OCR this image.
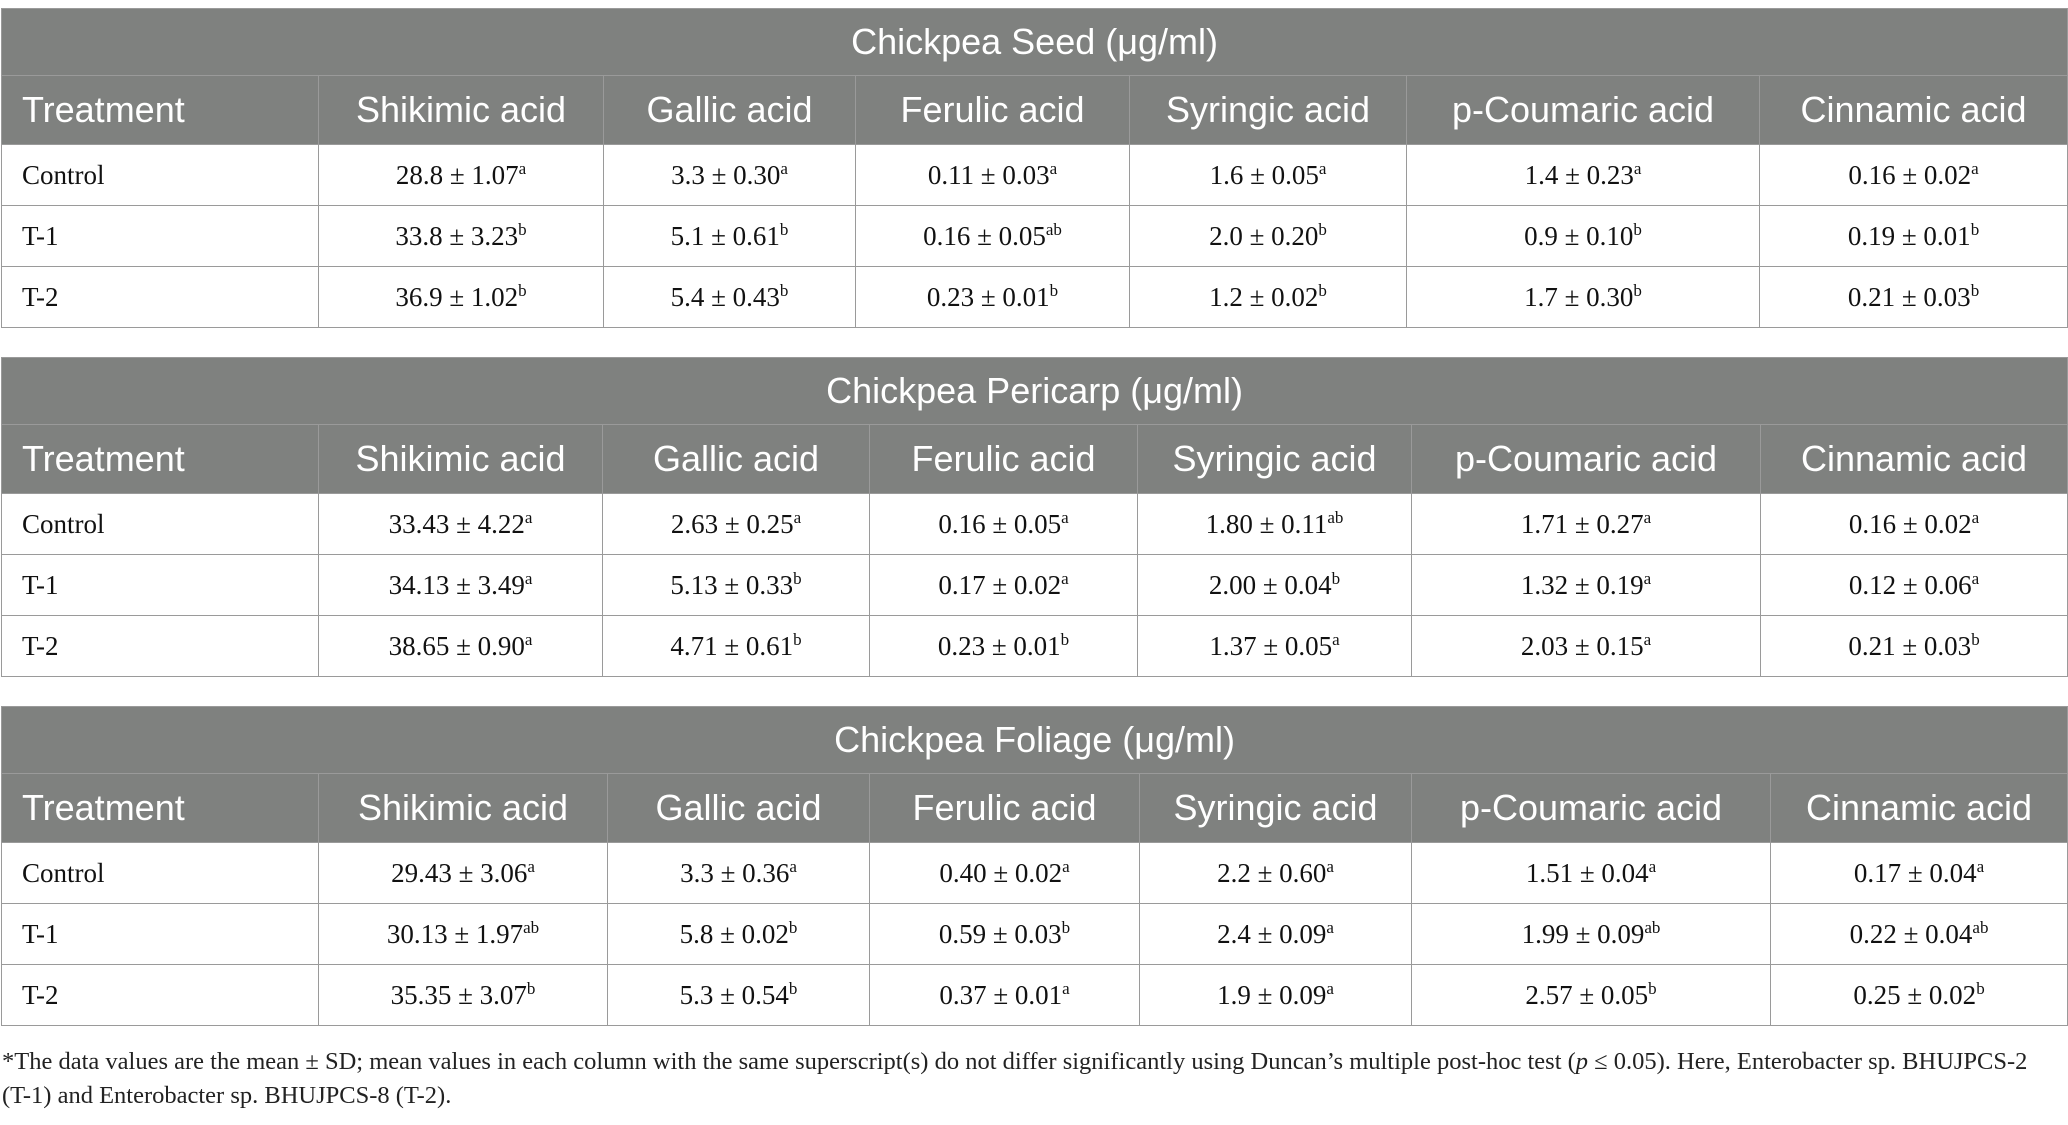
Chickpea Seed (μg/ml)						
Treatment	Shikimic acid	Gallic acid	Ferulic acid	Syringic acid	p-Coumaric acid	Cinnamic acid
Control	28.8 ± 1.07$^a$	3.3 ± 0.30$^a$	0.11 ± 0.03$^a$	1.6 ± 0.05$^a$	1.4 ± 0.23$^a$	0.16 ± 0.02$^a$
T-1	33.8 ± 3.23$^b$	5.1 ± 0.61$^b$	0.16 ± 0.05$^{ab}$	2.0 ± 0.20$^b$	0.9 ± 0.10$^b$	0.19 ± 0.01$^b$
T-2	36.9 ± 1.02$^b$	5.4 ± 0.43$^b$	0.23 ± 0.01$^b$	1.2 ± 0.02$^b$	1.7 ± 0.30$^b$	0.21 ± 0.03$^b$
Chickpea Pericarp (μg/ml)						
Treatment	Shikimic acid	Gallic acid	Ferulic acid	Syringic acid	p-Coumaric acid	Cinnamic acid
Control	33.43 ± 4.22$^a$	2.63 ± 0.25$^a$	0.16 ± 0.05$^a$	1.80 ± 0.11$^{ab}$	1.71 ± 0.27$^a$	0.16 ± 0.02$^a$
T-1	34.13 ± 3.49$^a$	5.13 ± 0.33$^b$	0.17 ± 0.02$^a$	2.00 ± 0.04$^b$	1.32 ± 0.19$^a$	0.12 ± 0.06$^a$
T-2	38.65 ± 0.90$^a$	4.71 ± 0.61$^b$	0.23 ± 0.01$^b$	1.37 ± 0.05$^a$	2.03 ± 0.15$^a$	0.21 ± 0.03$^b$
Chickpea Foliage (μg/ml)						
Treatment	Shikimic acid	Gallic acid	Ferulic acid	Syringic acid	p-Coumaric acid	Cinnamic acid
Control	29.43 ± 3.06$^a$	3.3 ± 0.36$^a$	0.40 ± 0.02$^a$	2.2 ± 0.60$^a$	1.51 ± 0.04$^a$	0.17 ± 0.04$^a$
T-1	30.13 ± 1.97$^{ab}$	5.8 ± 0.02$^b$	0.59 ± 0.03$^b$	2.4 ± 0.09$^a$	1.99 ± 0.09$^{ab}$	0.22 ± 0.04$^{ab}$
T-2	35.35 ± 3.07$^b$	5.3 ± 0.54$^b$	0.37 ± 0.01$^a$	1.9 ± 0.09$^a$	2.57 ± 0.05$^b$	0.25 ± 0.02$^b$

*The data values are the mean ± SD; mean values in each column with the same superscript(s) do not differ significantly using Duncan’s multiple post-hoc test (p ≤ 0.05). Here, Enterobacter sp. BHUJPCS-2 (T-1) and Enterobacter sp. BHUJPCS-8 (T-2).
